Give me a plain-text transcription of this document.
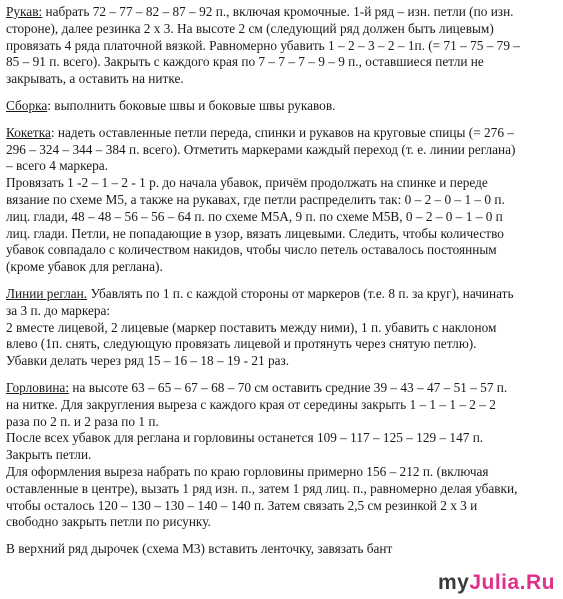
Рукав: набрать 72 – 77 – 82 – 87 – 92 п., включая кромочные. 1-й ряд – изн. петли (по изн.
стороне), далее резинка 2 х 3. На высоте 2 см (следующий ряд должен быть лицевым)
провязать 4 ряда платочной вязкой. Равномерно убавить 1 – 2 – 3 – 2 – 1п. (= 71 – 75 – 79 –
85 – 91 п. всего). Закрыть с каждого края по 7 – 7 – 7 – 9 – 9 п., оставшиеся петли не
закрывать, а оставить на нитке.

Сборка: выполнить боковые швы и боковые швы рукавов.

Кокетка: надеть оставленные петли переда, спинки и рукавов на круговые спицы (= 276 –
296 – 324 – 344 – 384 п. всего). Отметить маркерами каждый переход (т. е. линии реглана)
– всего 4 маркера.
Провязать 1 -2 – 1 – 2 - 1 р. до начала убавок, причём продолжать на спинке и переде
вязание по схеме М5, а также на рукавах, где петли распределить так: 0 – 2 – 0 – 1 – 0 п.
лиц. глади, 48 – 48 – 56 – 56 – 64 п. по схеме М5А, 9 п. по схеме М5В, 0 – 2 – 0 – 1 – 0 п
лиц. глади. Петли, не попадающие в узор, вязать лицевыми. Следить, чтобы количество
убавок совпадало с количеством накидов, чтобы число петель оставалось постоянным
(кроме убавок для реглана).

Линии реглан. Убавлять по 1 п. с каждой стороны от маркеров (т.е. 8 п. за круг), начинать
за 3 п. до маркера:
2 вместе лицевой, 2 лицевые (маркер поставить между ними), 1 п. убавить с наклоном
влево (1п. снять, следующую провязать лицевой и протянуть через снятую петлю).
Убавки делать через ряд 15 – 16 – 18 – 19 - 21 раз.

Горловина: на высоте 63 – 65 – 67 – 68 – 70 см оставить средние 39 – 43 – 47 – 51 – 57 п.
на нитке. Для закругления выреза с каждого края от середины закрыть 1 – 1 – 1 – 2 – 2
раза по 2 п. и 2 раза по 1 п.
После всех убавок для реглана и горловины останется 109 – 117 – 125 – 129 – 147 п.
Закрыть петли.
Для оформления выреза набрать по краю горловины примерно 156 – 212 п. (включая
оставленные в центре), вызать 1 ряд изн. п., затем 1 ряд лиц. п., равномерно делая убавки,
чтобы осталось 120 – 130 – 130 – 140 – 140 п. Затем связать 2,5 см резинкой 2 х 3 и
свободно закрыть петли по рисунку.

В верхний ряд дырочек (схема М3) вставить ленточку, завязать бант

myJulia.Ru
